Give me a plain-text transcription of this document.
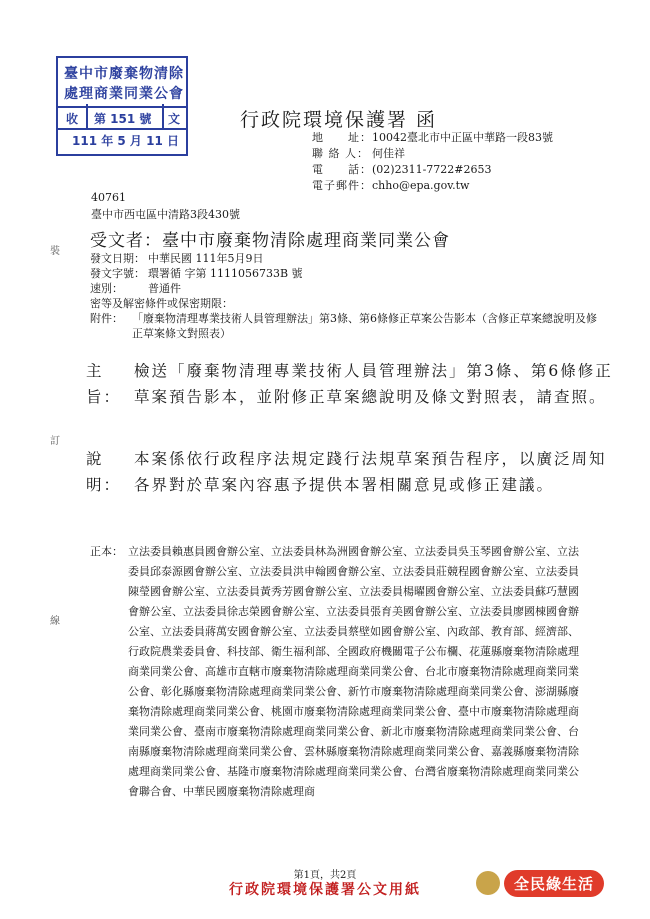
臺中市廢棄物清除
處理商業同業公會
收 第 151 號 文
111 年 5 月 11 日
行政院環境保護署 函
地　　址： 10042臺北市中正區中華路一段83號
聯 絡 人： 何佳祥
電　　話： (02)2311-7722#2653
電子郵件： chho@epa.gov.tw
40761
臺中市西屯區中清路3段430號
受文者：臺中市廢棄物清除處理商業同業公會
發文日期： 中華民國 111年5月9日
發文字號： 環署循 字第 1111056733B 號
速別：	普通件
密等及解密條件或保密期限：
附件： 「廢棄物清理專業技術人員管理辦法」第3條、第6條修正草案公告影本（含修正草案總說明及修正草案條文對照表）
裝
訂
線
主旨：
檢送「廢棄物清理專業技術人員管理辦法」第3條、第6條修正草案預告影本，並附修正草案總說明及條文對照表，請查照。
說明：
本案係依行政程序法規定踐行法規草案預告程序，以廣泛周知各界對於草案內容惠予提供本署相關意見或修正建議。
正本： 立法委員賴惠員國會辦公室、立法委員林為洲國會辦公室、立法委員吳玉琴國會辦公室、立法委員邱泰源國會辦公室、立法委員洪申翰國會辦公室、立法委員莊競程國會辦公室、立法委員陳瑩國會辦公室、立法委員黃秀芳國會辦公室、立法委員楊曜國會辦公室、立法委員蘇巧慧國會辦公室、立法委員徐志榮國會辦公室、立法委員張育美國會辦公室、立法委員廖國棟國會辦公室、立法委員蔣萬安國會辦公室、立法委員蔡壁如國會辦公室、內政部、教育部、經濟部、行政院農業委員會、科技部、衛生福利部、全國政府機關電子公布欄、花蓮縣廢棄物清除處理商業同業公會、高雄市直轄市廢棄物清除處理商業同業公會、台北市廢棄物清除處理商業同業公會、彰化縣廢棄物清除處理商業同業公會、新竹市廢棄物清除處理商業同業公會、澎湖縣廢棄物清除處理商業同業公會、桃園市廢棄物清除處理商業同業公會、臺中市廢棄物清除處理商業同業公會、臺南市廢棄物清除處理商業同業公會、新北市廢棄物清除處理商業同業公會、台南縣廢棄物清除處理商業同業公會、雲林縣廢棄物清除處理商業同業公會、嘉義縣廢棄物清除處理商業同業公會、基隆市廢棄物清除處理商業同業公會、台灣省廢棄物清除處理商業同業公會聯合會、中華民國廢棄物清除處理商
第1頁，共2頁
行政院環境保護署公文用紙	全民綠生活
